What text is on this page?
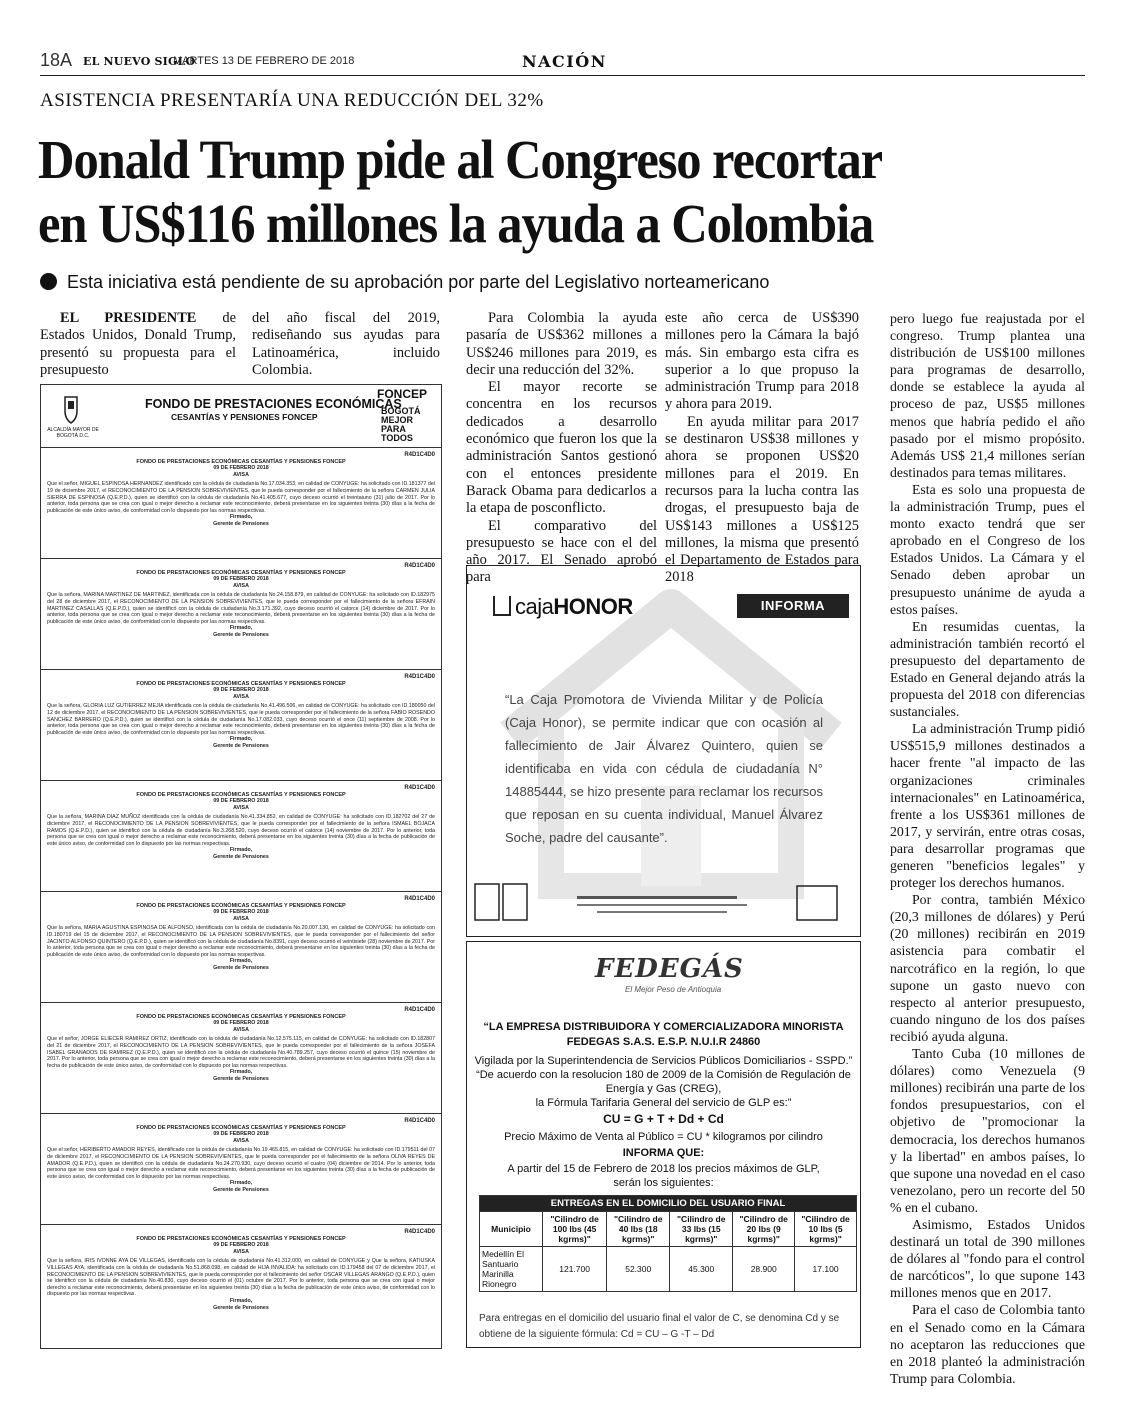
18A EL NUEVO SIGLO
MARTES 13 DE FEBRERO DE 2018	NACIÓN
ASISTENCIA PRESENTARÍA UNA REDUCCIÓN DEL 32%
Donald Trump pide al Congreso recortar
en US$116 millones la ayuda a Colombia
Esta iniciativa está pendiente de su aprobación por parte del Legislativo norteamericano

EL PRESIDENTE de Estados Unidos, Donald Trump, presentó su propuesta para el presupuesto

del año fiscal del 2019, rediseñando sus ayudas para Latinoamérica, incluido Colombia.

Para Colombia la ayuda pasaría de US$362 millones a US$246 millones para 2019, es decir una reducción del 32%.

El mayor recorte se concentra en los recursos dedicados a desarrollo económico que fueron los que la administración Santos gestionó con el entonces presidente Barack Obama para dedicarlos a la etapa de posconflicto.

El comparativo del presupuesto se hace con el del año 2017. El Senado aprobó para

este año cerca de US$390 millones pero la Cámara la bajó más. Sin embargo esta cifra es superior a lo que propuso la administración Trump para 2018 y ahora para 2019.

En ayuda militar para 2017 se destinaron US$38 millones y ahora se proponen US$20 millones para el 2019. En recursos para la lucha contra las drogas, el presupuesto baja de US$143 millones a US$125 millones, la misma que presentó el Departamento de Estados para 2018

pero luego fue reajustada por el congreso. Trump plantea una distribución de US$100 millones para programas de desarrollo, donde se establece la ayuda al proceso de paz, US$5 millones menos que habría pedido el año pasado por el mismo propósito. Además US$ 21,4 millones serían destinados para temas militares.

Esta es solo una propuesta de la administración Trump, pues el monto exacto tendrá que ser aprobado en el Congreso de los Estados Unidos. La Cámara y el Senado deben aprobar un presupuesto unánime de ayuda a estos países.

En resumidas cuentas, la administración también recortó el presupuesto del departamento de Estado en General dejando atrás la propuesta del 2018 con diferencias sustanciales.

La administración Trump pidió US$515,9 millones destinados a hacer frente "al impacto de las organizaciones criminales internacionales" en Latinoamérica, frente a los US$361 millones de 2017, y servirán, entre otras cosas, para desarrollar programas que generen "beneficios legales" y proteger los derechos humanos.

Por contra, también México (20,3 millones de dólares) y Perú (20 millones) recibirán en 2019 asistencia para combatir el narcotráfico en la región, lo que supone un gasto nuevo con respecto al anterior presupuesto, cuando ninguno de los dos países recibió ayuda alguna.

Tanto Cuba (10 millones de dólares) como Venezuela (9 millones) recibirán una parte de los fondos presupuestarios, con el objetivo de "promocionar la democracia, los derechos humanos y la libertad" en ambos países, lo que supone una novedad en el caso venezolano, pero un recorte del 50 % en el cubano.

Asimismo, Estados Unidos destinará un total de 390 millones de dólares al "fondo para el control de narcóticos", lo que supone 143 millones menos que en 2017.

Para el caso de Colombia tanto en el Senado como en la Cámara no aceptaron las reducciones que en 2018 planteó la administración Trump para Colombia.

ALCALDÍA MAYOR DE BOGOTÁ D.C.
FONDO DE PRESTACIONES ECONÓMICAS
CESANTÍAS Y PENSIONES FONCEP
FONCEP
BOGOTÁ MEJOR PARA TODOS
R4D1C4D0
FONDO DE PRESTACIONES ECONÓMICAS CESANTÍAS Y PENSIONES FONCEP
09 DE FEBRERO 2018
AVISA
Que el señor, MIGUEL ESPINOSA HERNANDEZ identificado con la cédula de ciudadanía No.17.034.353, en calidad de CONYUGE: ha solicitado con ID.181377 del 19 de diciembre 2017, el RECONOCIMIENTO DE LA PENSION SOBREVIVIENTES, que le pueda corresponder por el fallecimiento de la señora CARMEN JULIA SIERRA DE ESPINOSA (Q.E.P.D.), quien se identificó con la cédula de ciudadanía No.41.405.677, cuyo deceso ocurrió el treintaiuno (31) julio de 2017. Por lo anterior, toda persona que se crea con igual o mejor derecho a reclamar este reconocimiento, deberá presentarse en los siguientes treinta (30) días a la fecha de publicación de este único aviso, de conformidad con lo dispuesto por las normas respectivas.
Firmado,
Gerente de Pensiones
R4D1C4D0
FONDO DE PRESTACIONES ECONÓMICAS CESANTÍAS Y PENSIONES FONCEP
09 DE FEBRERO 2018
AVISA
Que la señora, MARINA MARTINEZ DE MARTINEZ, identificada con la cédula de ciudadanía No.24.158.879, en calidad de CONYUGE: ha solicitado con ID.182975 del 28 de diciembre 2017, el RECONOCIMIENTO DE LA PENSION SOBREVIVIENTES, que le pueda corresponder por el fallecimiento de la señora EFRAIN MARTINEZ CASALLAS (Q.E.P.D.), quien se identificó con la cédula de ciudadanía No.3.171.392, cuyo deceso ocurrió el catorce (14) diciembre de 2017. Por lo anterior, toda persona que se crea con igual o mejor derecho a reclamar este reconocimiento, deberá presentarse en los siguientes treinta (30) días a la fecha de publicación de este único aviso, de conformidad con lo dispuesto por las normas respectivas.
Firmado,
Gerente de Pensiones
R4D1C4D0
FONDO DE PRESTACIONES ECONÓMICAS CESANTÍAS Y PENSIONES FONCEP
09 DE FEBRERO 2018
AVISA
Que la señora, GLORIA LUZ GUTIERREZ MEJIA identificada con la cédula de ciudadanía No.41.496.506, en calidad de CONYUGE: ha solicitado con ID.180050 del 12 de diciembre 2017, el RECONOCIMIENTO DE LA PENSION SOBREVIVIENTES, que le pueda corresponder por el fallecimiento de la señora FABIO ROSENDO SANCHEZ BARRERO (Q.E.P.D.), quien se identificó con la cédula de ciudadanía No.17.082.033, cuyo deceso ocurrió el once (11) septiembre de 2008. Por lo anterior, toda persona que se crea con igual o mejor derecho a reclamar este reconocimiento, deberá presentarse en los siguientes treinta (30) días a la fecha de publicación de este único aviso, de conformidad con lo dispuesto por las normas respectivas.
Firmado,
Gerente de Pensiones
R4D1C4D0
FONDO DE PRESTACIONES ECONÓMICAS CESANTÍAS Y PENSIONES FONCEP
09 DE FEBRERO 2018
AVISA
Que la señora, MARINA DIAZ MUÑOZ identificada con la cédula de ciudadanía No.41.334.852, en calidad de CONYUGE: ha solicitado con ID.182702 del 27 de diciembre 2017, el RECONOCIMIENTO DE LA PENSION SOBREVIVIENTES, que le pueda corresponder por el fallecimiento de la señora ISMAEL BOJACA RAMOS (Q.E.P.D.), quien se identificó con la cédula de ciudadanía No.3.268.520, cuyo deceso ocurrió el catorce (14) noviembre de 2017. Por lo anterior, toda persona que se crea con igual o mejor derecho a reclamar este reconocimiento, deberá presentarse en los siguientes treinta (30) días a la fecha de publicación de este único aviso, de conformidad con lo dispuesto por las normas respectivas.
Firmado,
Gerente de Pensiones
R4D1C4D0
FONDO DE PRESTACIONES ECONÓMICAS CESANTÍAS Y PENSIONES FONCEP
09 DE FEBRERO 2018
AVISA
Que la señora, MARIA AGUSTINA ESPINOSA DE ALFONSO, identificada con la cédula de ciudadanía No.20.007.130, en calidad de CONYUGE: ha solicitado con ID.180719 del 15 de diciembre 2017, el RECONOCIMIENTO DE LA PENSION SOBREVIVIENTES, que le pueda corresponder por el fallecimiento del señor JACINTO ALFONSO QUINTERO (Q.E.P.D.), quien se identificó con la cédula de ciudadanía No.8391, cuyo deceso ocurrió el veintisiete (28) noviembre de 2017. Por lo anterior, toda persona que se crea con igual o mejor derecho a reclamar este reconocimiento, deberá presentarse en los siguientes treinta (30) días a la fecha de publicación de este único aviso, de conformidad con lo dispuesto por las normas respectivas.
Firmado,
Gerente de Pensiones
R4D1C4D0
FONDO DE PRESTACIONES ECONÓMICAS CESANTÍAS Y PENSIONES FONCEP
09 DE FEBRERO 2018
AVISA
Que el señor, JORGE ELIECER RAMIREZ ORTIZ, identificado con la cédula de ciudadanía No.12.575.115, en calidad de CONYUGE: ha solicitado con ID.182807 del 21 de diciembre 2017, el RECONOCIMIENTO DE LA PENSION SOBREVIVIENTES, que le pueda corresponder por el fallecimiento de la señora JOSEFA ISABEL GRANADOS DE RAMIREZ (Q.E.P.D.), quien se identificó con la cédula de ciudadanía No.40.789.257, cuyo deceso ocurrió el quince (15) noviembre de 2017. Por lo anterior, toda persona que se crea con igual o mejor derecho a reclamar este reconocimiento, deberá presentarse en los siguientes treinta (30) días a la fecha de publicación de este único aviso, de conformidad con lo dispuesto por las normas respectivas.
Firmado,
Gerente de Pensiones
R4D1C4D0
FONDO DE PRESTACIONES ECONÓMICAS CESANTÍAS Y PENSIONES FONCEP
09 DE FEBRERO 2018
AVISA
Que el señor, HERIBERTO AMADOR REYES, identificado con la cédula de ciudadanía No.19.465.815, en calidad de CONYUGE: ha solicitado con ID.179511 del 07 de diciembre 2017, el RECONOCIMIENTO DE LA PENSION SOBREVIVIENTES, que le pueda corresponder por el fallecimiento de la señora OLIVA REYES DE AMADOR (Q.E.P.D.), quien se identificó con la cédula de ciudadanía No.24.270.930, cuyo deceso ocurrió el cuatro (04) diciembre de 2014. Por lo anterior, toda persona que se crea con igual o mejor derecho a reclamar este reconocimiento, deberá presentarse en los siguientes treinta (30) días a la fecha de publicación de este único aviso, de conformidad con lo dispuesto por las normas respectivas.
Firmado,
Gerente de Pensiones
R4D1C4D0
FONDO DE PRESTACIONES ECONÓMICAS CESANTÍAS Y PENSIONES FONCEP
09 DE FEBRERO 2018
AVISA
Que la señora, IRIS IVONNE AYA DE VILLEGAS, identificada con la cédula de ciudadanía No.41.312.000, en calidad de CONYUGE y Que la señora, KATIUSKA VILLEGAS AYA, identificada con la cédula de ciudadanía No.51.868.098, en calidad de HIJA INVALIDA: ha solicitado con ID.179458 del 07 de diciembre 2017, el RECONOCIMIENTO DE LA PENSION SOBREVIVIENTES, que le pueda corresponder por el fallecimiento del señor OSCAR VILLEGAS ARANGO (Q.E.P.D.), quien se identificó con la cédula de ciudadanía No.40.830, cuyo deceso ocurrió el (01) octubre de 2017. Por lo anterior, toda persona que se crea con igual o mejor derecho a reclamar este reconocimiento, deberá presentarse en los siguientes treinta (30) días a la fecha de publicación de este único aviso, de conformidad con lo dispuesto por las normas respectivas.
Firmado,
Gerente de Pensiones
cajaHONOR	INFORMA
“La Caja Promotora de Vivienda Militar y de Policía (Caja Honor), se permite indicar que con ocasión al fallecimiento de Jair Álvarez Quintero, quien se identificaba en vida con cédula de ciudadanía N° 14885444, se hizo presente para reclamar los recursos que reposan en su cuenta individual, Manuel Álvarez Soche, padre del causante”.
FEDEGÁS
El Mejor Peso de Antioquia
“LA EMPRESA DISTRIBUIDORA Y COMERCIALIZADORA MINORISTA
FEDEGAS S.A.S. E.S.P. N.U.I.R 24860
Vigilada por la Superintendencia de Servicios Públicos Domiciliarios - SSPD.”
“De acuerdo con la resolucion 180 de 2009 de la Comisión de Regulación de
Energía y Gas (CREG),
la Fórmula Tarifaria General del servicio de GLP es:”
CU = G + T + Dd + Cd
Precio Máximo de Venta al Público = CU * kilogramos por cilindro
INFORMA QUE:
A partir del 15 de Febrero de 2018 los precios máximos de GLP,
serán los siguientes:
ENTREGAS EN EL DOMICILIO DEL USUARIO FINAL					
Municipio	"Cilindro de 100 lbs (45 kgrms)"	"Cilindro de 40 lbs (18 kgrms)"	"Cilindro de 33 lbs (15 kgrms)"	"Cilindro de 20 lbs (9 kgrms)"	"Cilindro de 10 lbs (5 kgrms)"
Medellín El Santuario Marinilla Rionegro	121.700	52.300	45.300	28.900	17.100
Para entregas en el domicilio del usuario final el valor de C, se denomina Cd y se obtiene de la siguiente fórmula: Cd = CU – G -T – Dd
